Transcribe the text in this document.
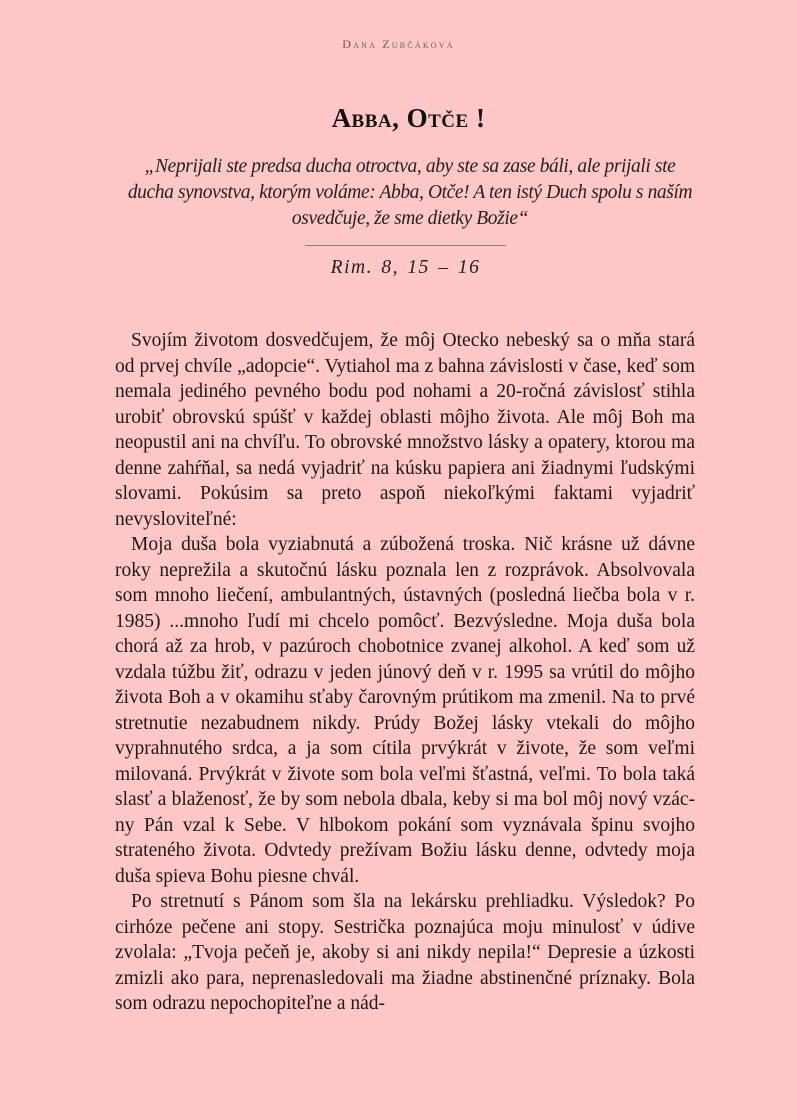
Dana Zubčáková
Abba, Otče !
„Neprijali ste predsa ducha otroctva, aby ste sa zase báli, ale prijali ste ducha synovstva, ktorým voláme: Abba, Otče! A ten istý Duch spolu s naším osvedčuje, že sme dietky Božie“
Rim. 8, 15 – 16

Svojím životom dosvedčujem, že môj Otecko nebeský sa o mňa stará od prvej chvíle „adopcie“. Vytiahol ma z bahna závislosti v čase, keď som nemala jediného pevného bodu pod nohami a 20-ročná závislosť stihla urobiť obrovskú spúšť v každej oblasti môjho života. Ale môj Boh ma neopustil ani na chvíľu. To obrovské množstvo lásky a opatery, ktorou ma denne zahŕňal, sa nedá vyjadriť na kúsku papiera ani žiadnymi ľudskými slovami. Pokúsim sa preto aspoň niekoľkými faktami vyjadriť nevysloviteľné:

Moja duša bola vyziabnutá a zúbožená troska. Nič krásne už dávne roky neprežila a skutočnú lásku poznala len z rozprávok. Absolvovala som mnoho liečení, ambulantných, ústavných (posledná liečba bola v r. 1985) ...mnoho ľudí mi chcelo pomôcť. Bezvýsledne. Moja duša bola chorá až za hrob, v pazúroch chobotnice zvanej alkohol. A keď som už vzdala túžbu žiť, odrazu v jeden júnový deň v r. 1995 sa vrútil do môjho života Boh a v okamihu sťaby čarovným prútikom ma zmenil. Na to prvé stretnutie nezabudnem nikdy. Prúdy Božej lásky vtekali do môjho vyprahnutého srdca, a ja som cítila prvýkrát v živote, že som veľmi milovaná. Prvýkrát v živote som bola veľmi šťastná, veľmi. To bola taká slasť a blaženosť, že by som nebola dbala, keby si ma bol môj nový vzácny Pán vzal k Sebe. V hlbokom pokání som vyznávala špinu svojho strateného života. Odvtedy prežívam Božiu lásku denne, odvtedy moja duša spieva Bohu piesne chvál.

Po stretnutí s Pánom som šla na lekársku prehliadku. Výsledok? Po cirhóze pečene ani stopy. Sestrička poznajúca moju minulosť v údive zvolala: „Tvoja pečeň je, akoby si ani nikdy nepila!“ Depresie a úzkosti zmizli ako para, neprenasledovali ma žiadne abstinenčné príznaky. Bola som odrazu nepochopiteľne a nád-
